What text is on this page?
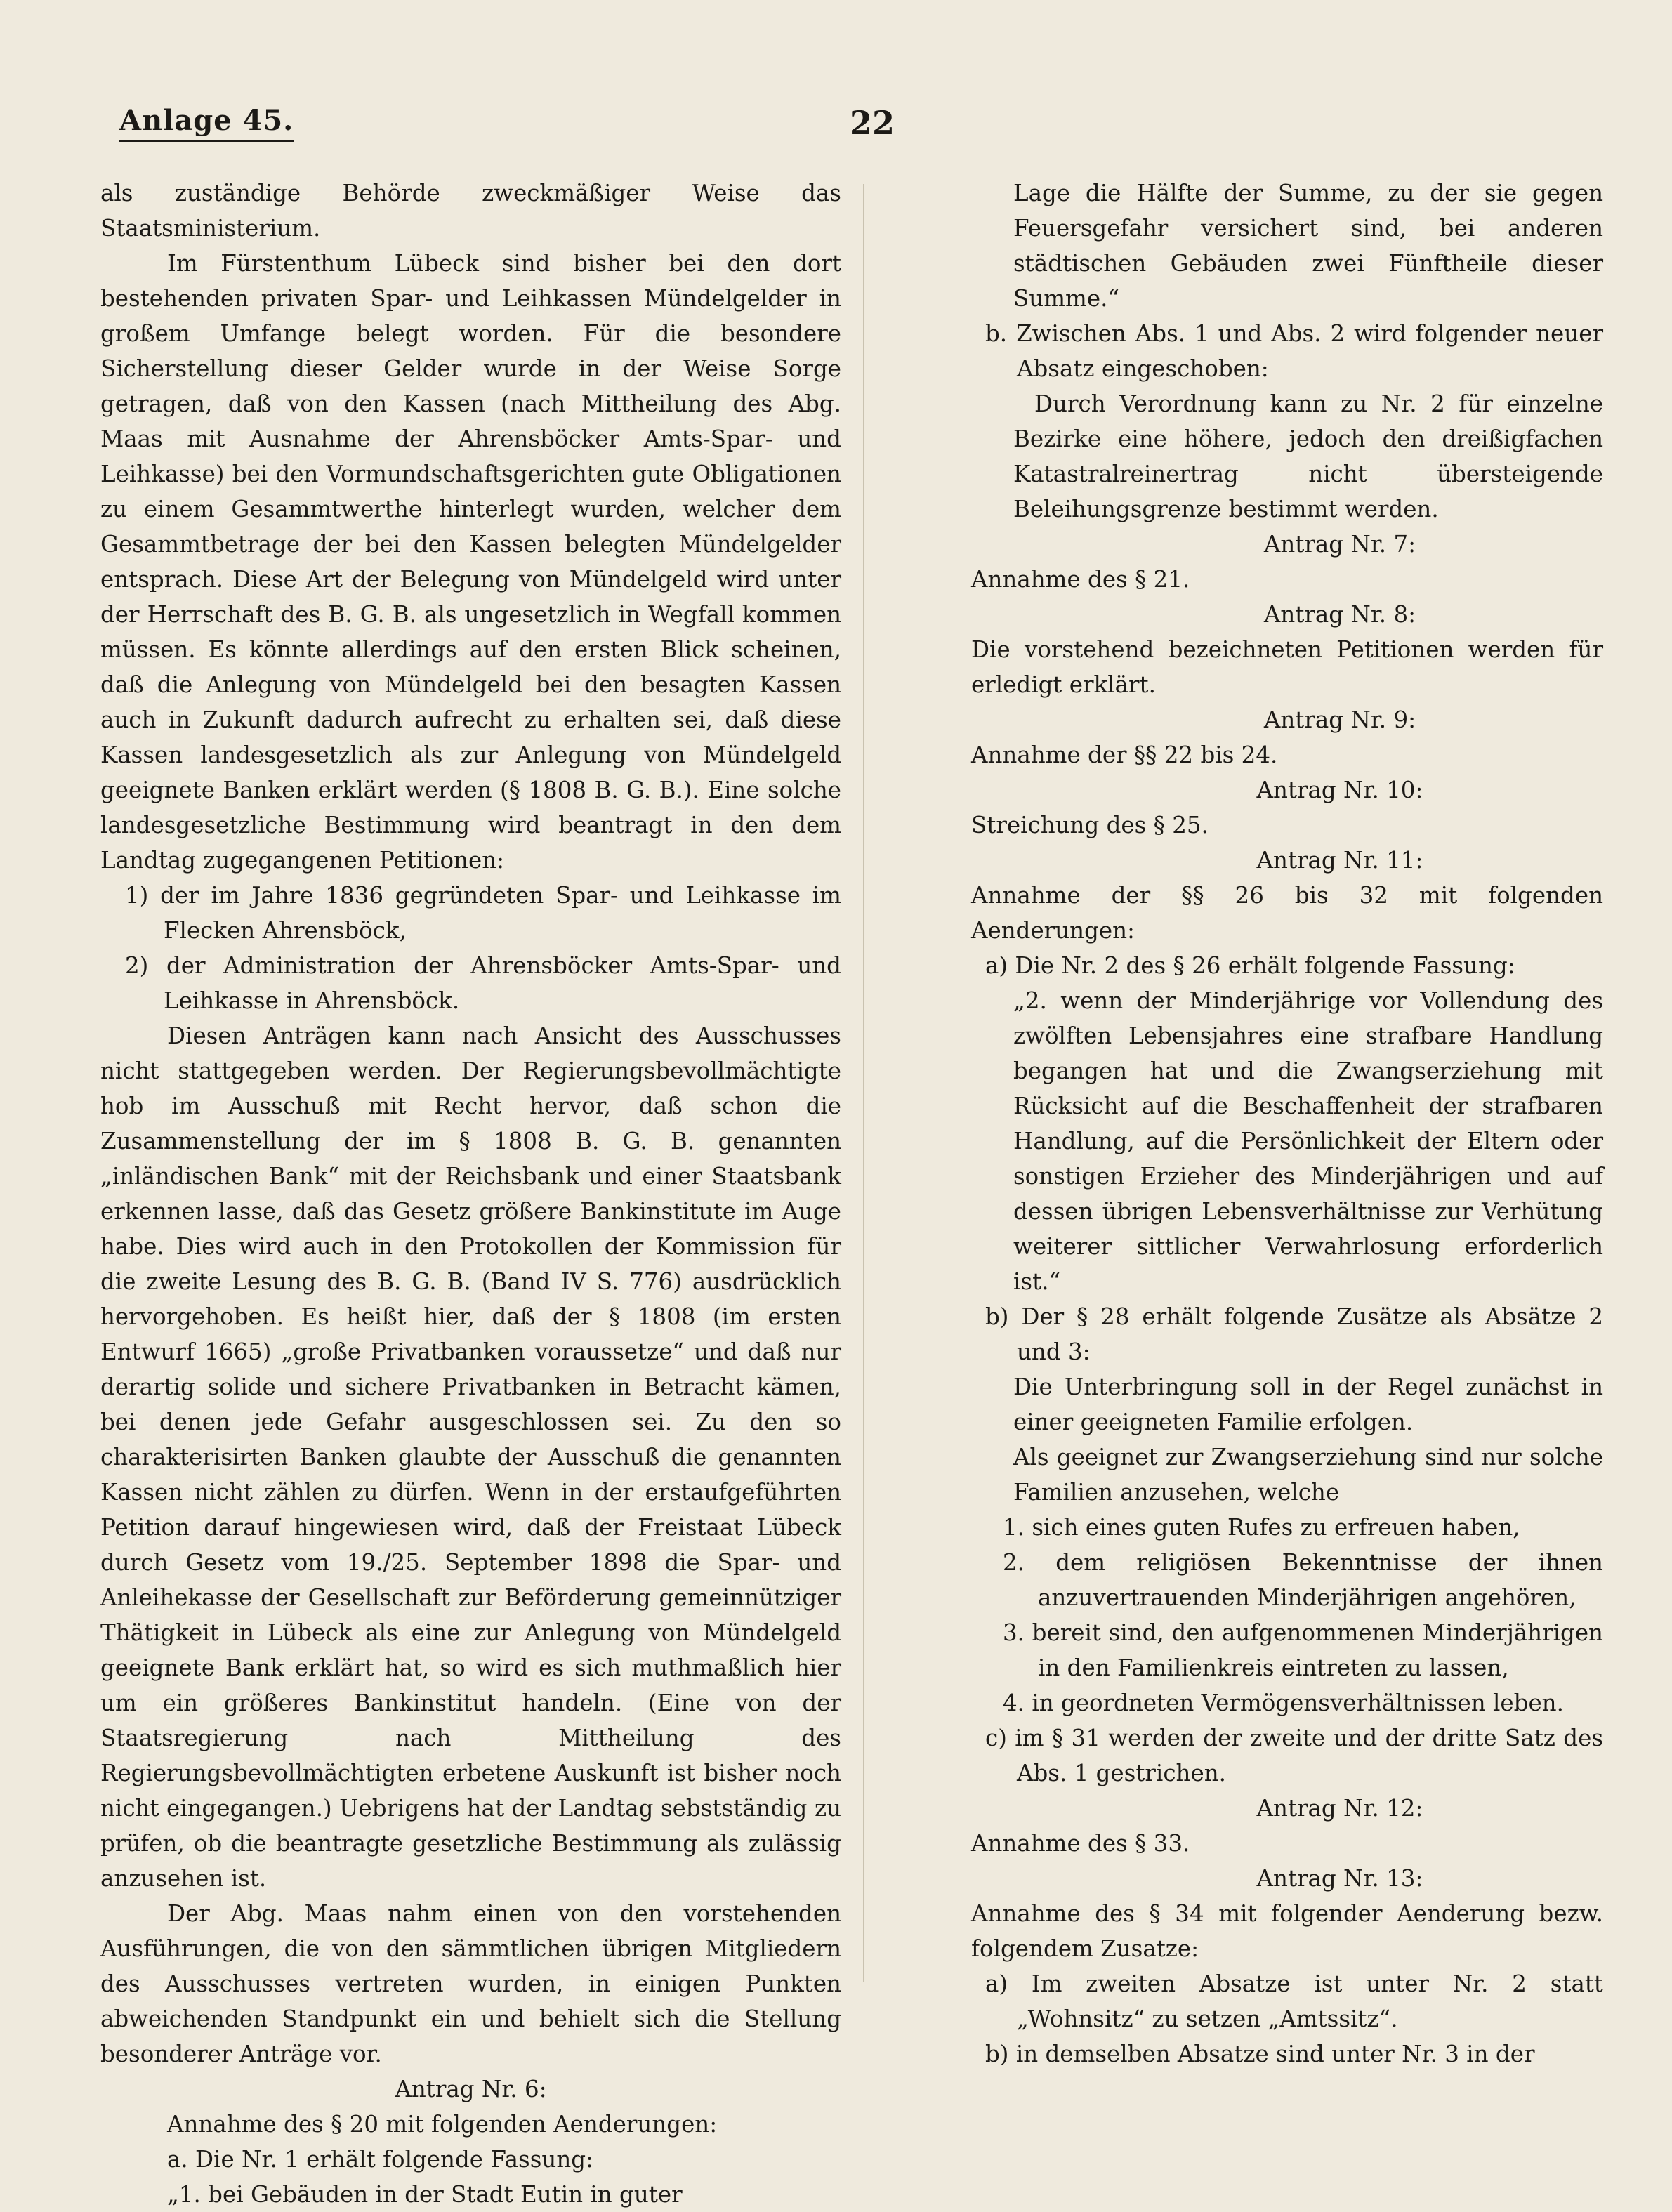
Anlage 45.	22

als zuständige Behörde zweckmäßiger Weise das Staatsministerium.

Im Fürstenthum Lübeck sind bisher bei den dort bestehenden privaten Spar- und Leihkassen Mündelgelder in großem Umfange belegt worden. Für die besondere Sicherstellung dieser Gelder wurde in der Weise Sorge getragen, daß von den Kassen (nach Mittheilung des Abg. Maas mit Ausnahme der Ahrensböcker Amts-Spar- und Leihkasse) bei den Vormundschaftsgerichten gute Obligationen zu einem Gesammtwerthe hinterlegt wurden, welcher dem Gesammtbetrage der bei den Kassen belegten Mündelgelder entsprach. Diese Art der Belegung von Mündelgeld wird unter der Herrschaft des B. G. B. als ungesetzlich in Wegfall kommen müssen. Es könnte allerdings auf den ersten Blick scheinen, daß die Anlegung von Mündelgeld bei den besagten Kassen auch in Zukunft dadurch aufrecht zu erhalten sei, daß diese Kassen landesgesetzlich als zur Anlegung von Mündelgeld geeignete Banken erklärt werden (§ 1808 B. G. B.). Eine solche landesgesetzliche Bestimmung wird beantragt in den dem Landtag zugegangenen Petitionen:

1) der im Jahre 1836 gegründeten Spar- und Leihkasse im Flecken Ahrensböck,

2) der Administration der Ahrensböcker Amts-Spar- und Leihkasse in Ahrensböck.

Diesen Anträgen kann nach Ansicht des Ausschusses nicht stattgegeben werden. Der Regierungsbevollmächtigte hob im Ausschuß mit Recht hervor, daß schon die Zusammenstellung der im § 1808 B. G. B. genannten „inländischen Bank“ mit der Reichsbank und einer Staatsbank erkennen lasse, daß das Gesetz größere Bankinstitute im Auge habe. Dies wird auch in den Protokollen der Kommission für die zweite Lesung des B. G. B. (Band IV S. 776) ausdrücklich hervorgehoben. Es heißt hier, daß der § 1808 (im ersten Entwurf 1665) „große Privatbanken voraussetze“ und daß nur derartig solide und sichere Privatbanken in Betracht kämen, bei denen jede Gefahr ausgeschlossen sei. Zu den so charakterisirten Banken glaubte der Ausschuß die genannten Kassen nicht zählen zu dürfen. Wenn in der erstaufgeführten Petition darauf hingewiesen wird, daß der Freistaat Lübeck durch Gesetz vom 19./25. September 1898 die Spar- und Anleihekasse der Gesellschaft zur Beförderung gemeinnütziger Thätigkeit in Lübeck als eine zur Anlegung von Mündelgeld geeignete Bank erklärt hat, so wird es sich muthmaßlich hier um ein größeres Bankinstitut handeln. (Eine von der Staatsregierung nach Mittheilung des Regierungsbevollmächtigten erbetene Auskunft ist bisher noch nicht eingegangen.) Uebrigens hat der Landtag sebstständig zu prüfen, ob die beantragte gesetzliche Bestimmung als zulässig anzusehen ist.

Der Abg. Maas nahm einen von den vorstehenden Ausführungen, die von den sämmtlichen übrigen Mitgliedern des Ausschusses vertreten wurden, in einigen Punkten abweichenden Standpunkt ein und behielt sich die Stellung besonderer Anträge vor.

Antrag Nr. 6:

Annahme des § 20 mit folgenden Aenderungen:

a. Die Nr. 1 erhält folgende Fassung:

„1. bei Gebäuden in der Stadt Eutin in guter

Lage die Hälfte der Summe, zu der sie gegen Feuersgefahr versichert sind, bei anderen städtischen Gebäuden zwei Fünftheile dieser Summe.“

b. Zwischen Abs. 1 und Abs. 2 wird folgender neuer Absatz eingeschoben:

Durch Verordnung kann zu Nr. 2 für einzelne Bezirke eine höhere, jedoch den dreißigfachen Katastralreinertrag nicht übersteigende Beleihungsgrenze bestimmt werden.

Antrag Nr. 7:

Annahme des § 21.

Antrag Nr. 8:

Die vorstehend bezeichneten Petitionen werden für erledigt erklärt.

Antrag Nr. 9:

Annahme der §§ 22 bis 24.

Antrag Nr. 10:

Streichung des § 25.

Antrag Nr. 11:

Annahme der §§ 26 bis 32 mit folgenden Aenderungen:

a) Die Nr. 2 des § 26 erhält folgende Fassung:

„2. wenn der Minderjährige vor Vollendung des zwölften Lebensjahres eine strafbare Handlung begangen hat und die Zwangserziehung mit Rücksicht auf die Beschaffenheit der strafbaren Handlung, auf die Persönlichkeit der Eltern oder sonstigen Erzieher des Minderjährigen und auf dessen übrigen Lebensverhältnisse zur Verhütung weiterer sittlicher Verwahrlosung erforderlich ist.“

b) Der § 28 erhält folgende Zusätze als Absätze 2 und 3:

Die Unterbringung soll in der Regel zunächst in einer geeigneten Familie erfolgen.

Als geeignet zur Zwangserziehung sind nur solche Familien anzusehen, welche

1. sich eines guten Rufes zu erfreuen haben,

2. dem religiösen Bekenntnisse der ihnen anzuvertrauenden Minderjährigen angehören,

3. bereit sind, den aufgenommenen Minderjährigen in den Familienkreis eintreten zu lassen,

4. in geordneten Vermögensverhältnissen leben.

c) im § 31 werden der zweite und der dritte Satz des Abs. 1 gestrichen.

Antrag Nr. 12:

Annahme des § 33.

Antrag Nr. 13:

Annahme des § 34 mit folgender Aenderung bezw. folgendem Zusatze:

a) Im zweiten Absatze ist unter Nr. 2 statt „Wohnsitz“ zu setzen „Amtssitz“.

b) in demselben Absatze sind unter Nr. 3 in der
